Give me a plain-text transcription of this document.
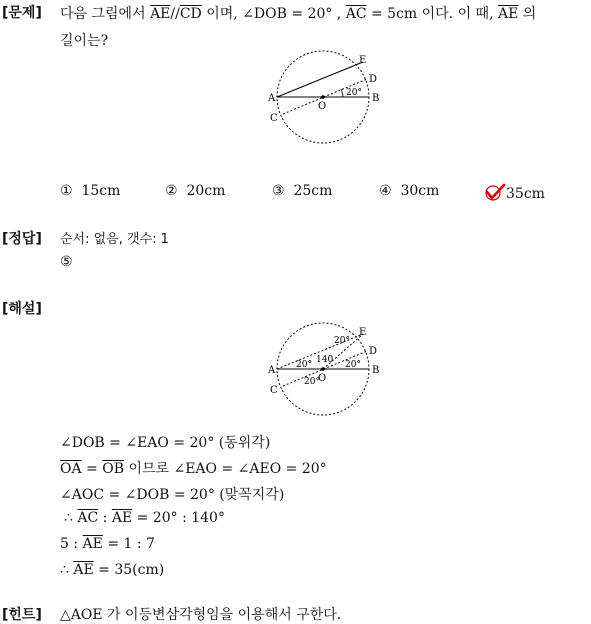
[문제] 다음 그림에서 $\overline{AE}//\overline{CD}$ 이며, ∠DOB = 20° , $\overline{AC} = 5cm$ 이다. 이 때, $\overline{AE}$ 의
길이는?
A	B
C
D
E
O
20°
① 15cm	② 20cm	③ 25cm	④ 30cm	35cm
[정답] 순서: 없음, 갯수: 1
⑤
[해설]
A	B
C
D
E
O
20°
20° 140 20°
20°
∠DOB = ∠EAO = 20° (동위각)
$\overline{OA} = \overline{OB}$ 이므로 ∠EAO = ∠AEO = 20°
∠AOC = ∠DOB = 20° (맞꼭지각)
∴ $\overline{AC}$ : $\overline{AE} = 20^\circ$ : 140°
5 : $\overline{AE} = 1$ : 7
∴ $\overline{AE} = 35(cm)$
[힌트] △AOE 가 이등변삼각형임을 이용해서 구한다.
